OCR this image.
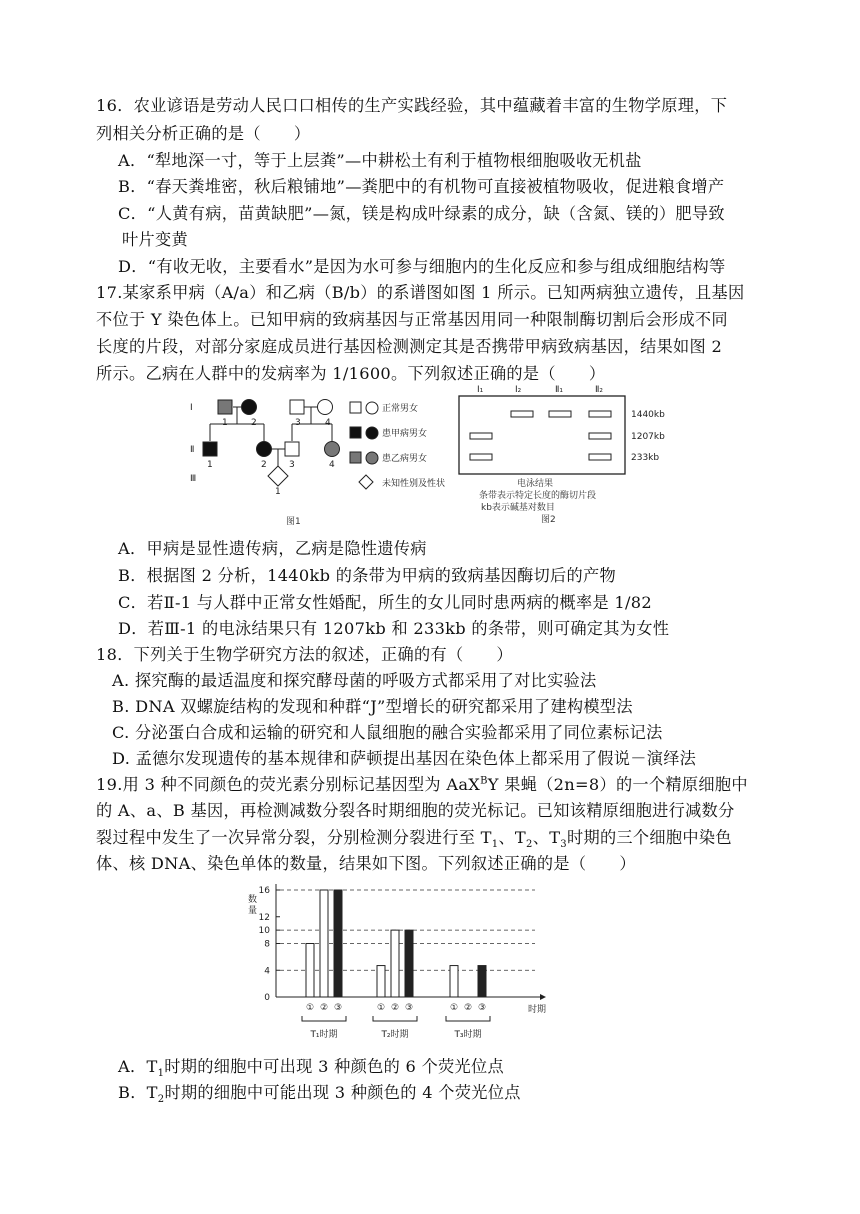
16．农业谚语是劳动人民口口相传的生产实践经验，其中蕴藏着丰富的生物学原理，下
列相关分析正确的是（　　）
A．“犁地深一寸，等于上层粪”—中耕松土有利于植物根细胞吸收无机盐
B．“春天粪堆密，秋后粮铺地”—粪肥中的有机物可直接被植物吸收，促进粮食增产
C．“人黄有病，苗黄缺肥”—氮，镁是构成叶绿素的成分，缺（含氮、镁的）肥导致
叶片变黄
D．“有收无收，主要看水”是因为水可参与细胞内的生化反应和参与组成细胞结构等
17.某家系甲病（A/a）和乙病（B/b）的系谱图如图 1 所示。已知两病独立遗传，且基因
不位于 Y 染色体上。已知甲病的致病基因与正常基因用同一种限制酶切割后会形成不同
长度的片段，对部分家庭成员进行基因检测测定其是否携带甲病致病基因，结果如图 2
所示。乙病在人群中的发病率为 1/1600。下列叙述正确的是（　　）
Ⅰ
Ⅱ
Ⅲ
1	2	3	4
1	2 3	4
1
正常男女
患甲病男女
患乙病男女
未知性别及性状
图1
I₁	I₂	Ⅱ₁	Ⅱ₂
1440kb
1207kb
233kb
电泳结果
条带表示特定长度的酶切片段
kb表示碱基对数目
图2
A．甲病是显性遗传病，乙病是隐性遗传病
B．根据图 2 分析，1440kb 的条带为甲病的致病基因酶切后的产物
C．若Ⅱ-1 与人群中正常女性婚配，所生的女儿同时患两病的概率是 1/82
D．若Ⅲ-1 的电泳结果只有 1207kb 和 233kb 的条带，则可确定其为女性
18．下列关于生物学研究方法的叙述，正确的有（　　）
A. 探究酶的最适温度和探究酵母菌的呼吸方式都采用了对比实验法
B. DNA 双螺旋结构的发现和种群“J”型增长的研究都采用了建构模型法
C. 分泌蛋白合成和运输的研究和人鼠细胞的融合实验都采用了同位素标记法
D. 孟德尔发现遗传的基本规律和萨顿提出基因在染色体上都采用了假说－演绎法
19.用 3 种不同颜色的荧光素分别标记基因型为 AaX$^B$Y 果蝇（2n=8）的一个精原细胞中
的 A、a、B 基因，再检测减数分裂各时期细胞的荧光标记。已知该精原细胞进行减数分
裂过程中发生了一次异常分裂，分别检测分裂进行至 $T_1$、$T_2$、$T_3$时期的三个细胞中染色
体、核 DNA、染色单体的数量，结果如下图。下列叙述正确的是（　　）
时期
数
量
0
4
8
10
12
16
① ② ③
T₁时期
① ② ③
T₂时期
① ② ③
T₃时期
A．$T_1$时期的细胞中可出现 3 种颜色的 6 个荧光位点
B．$T_2$时期的细胞中可能出现 3 种颜色的 4 个荧光位点
